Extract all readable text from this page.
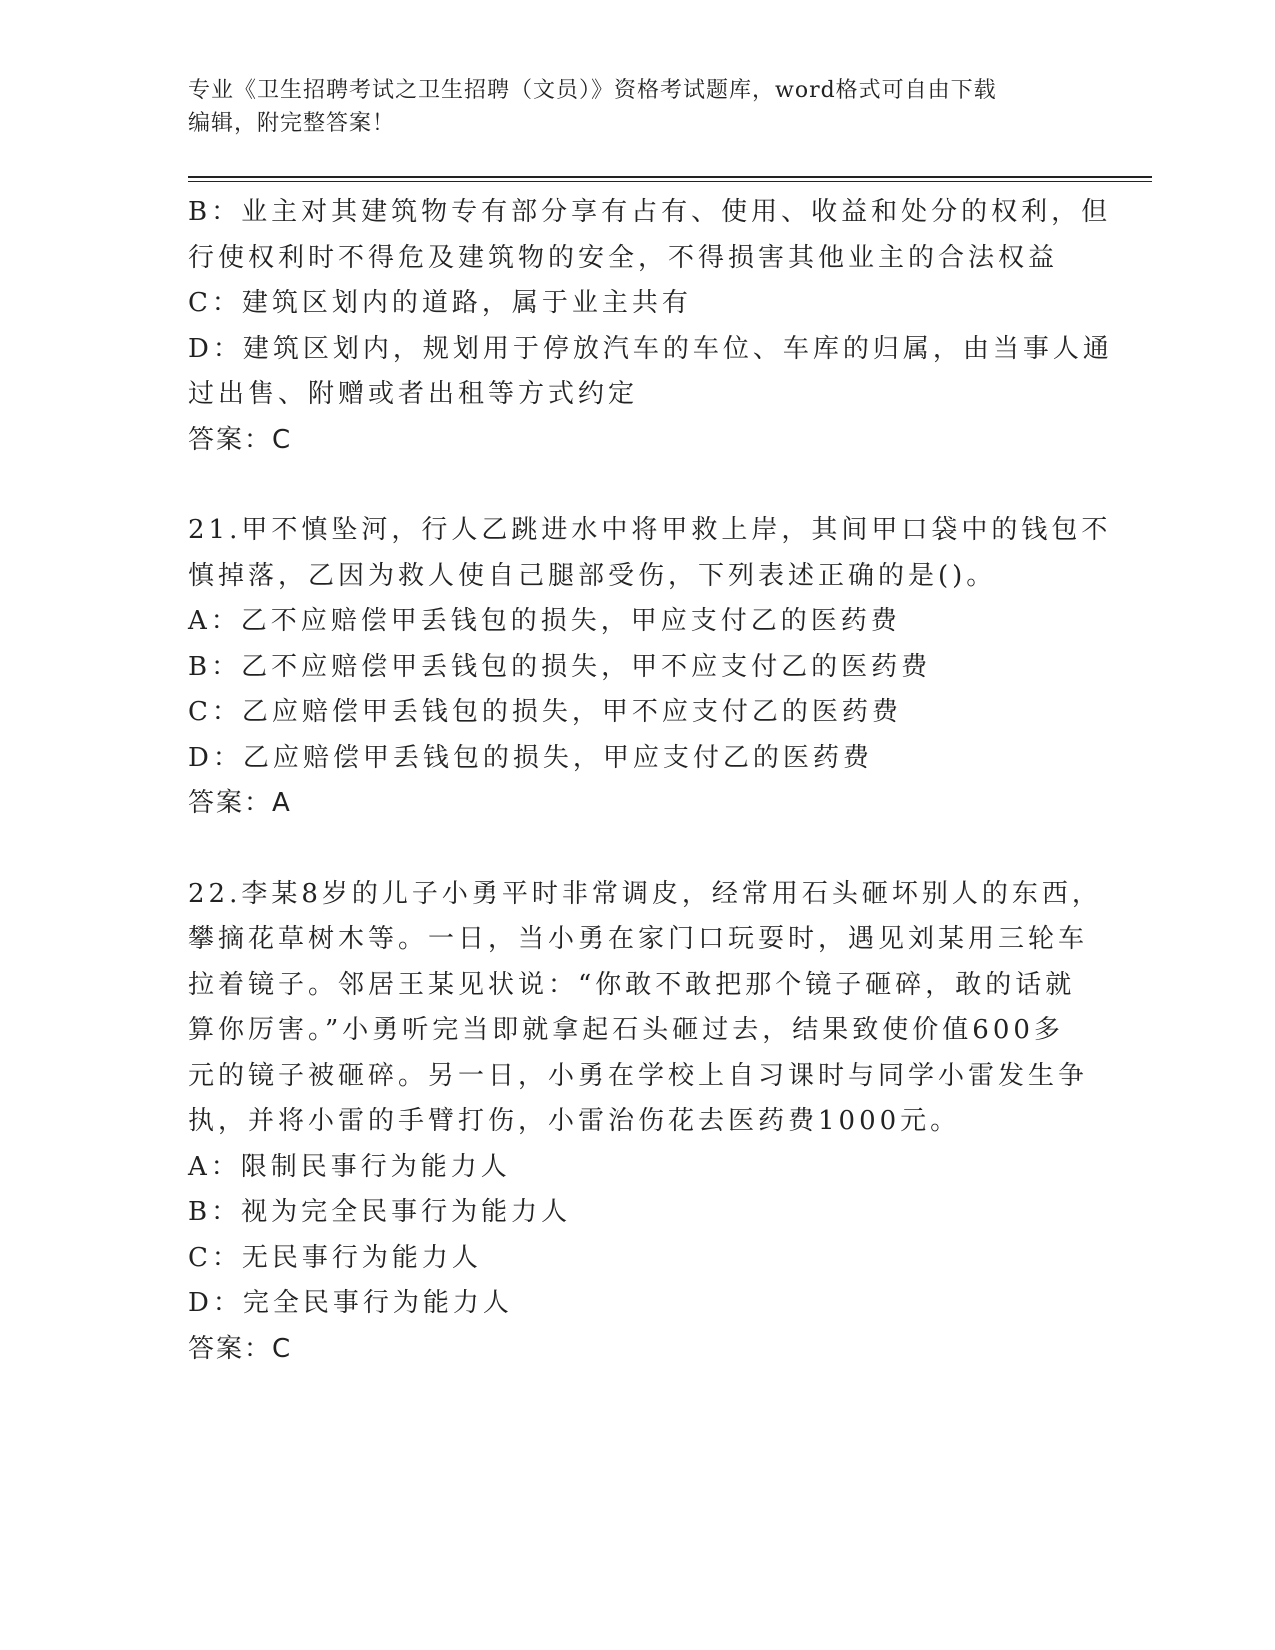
专业《卫生招聘考试之卫生招聘（文员）》资格考试题库，word格式可自由下载
编辑，附完整答案！
B：业主对其建筑物专有部分享有占有、使用、收益和处分的权利，但
行使权利时不得危及建筑物的安全，不得损害其他业主的合法权益
C：建筑区划内的道路，属于业主共有
D：建筑区划内，规划用于停放汽车的车位、车库的归属，由当事人通
过出售、附赠或者出租等方式约定
答案：C
21.甲不慎坠河，行人乙跳进水中将甲救上岸，其间甲口袋中的钱包不
慎掉落，乙因为救人使自己腿部受伤，下列表述正确的是()。
A：乙不应赔偿甲丢钱包的损失，甲应支付乙的医药费
B：乙不应赔偿甲丢钱包的损失，甲不应支付乙的医药费
C：乙应赔偿甲丢钱包的损失，甲不应支付乙的医药费
D：乙应赔偿甲丢钱包的损失，甲应支付乙的医药费
答案：A
22.李某8岁的儿子小勇平时非常调皮，经常用石头砸坏别人的东西，
攀摘花草树木等。一日，当小勇在家门口玩耍时，遇见刘某用三轮车
拉着镜子。邻居王某见状说：“你敢不敢把那个镜子砸碎，敢的话就
算你厉害。”小勇听完当即就拿起石头砸过去，结果致使价值600多
元的镜子被砸碎。另一日，小勇在学校上自习课时与同学小雷发生争
执，并将小雷的手臂打伤，小雷治伤花去医药费1000元。
A：限制民事行为能力人
B：视为完全民事行为能力人
C：无民事行为能力人
D：完全民事行为能力人
答案：C
